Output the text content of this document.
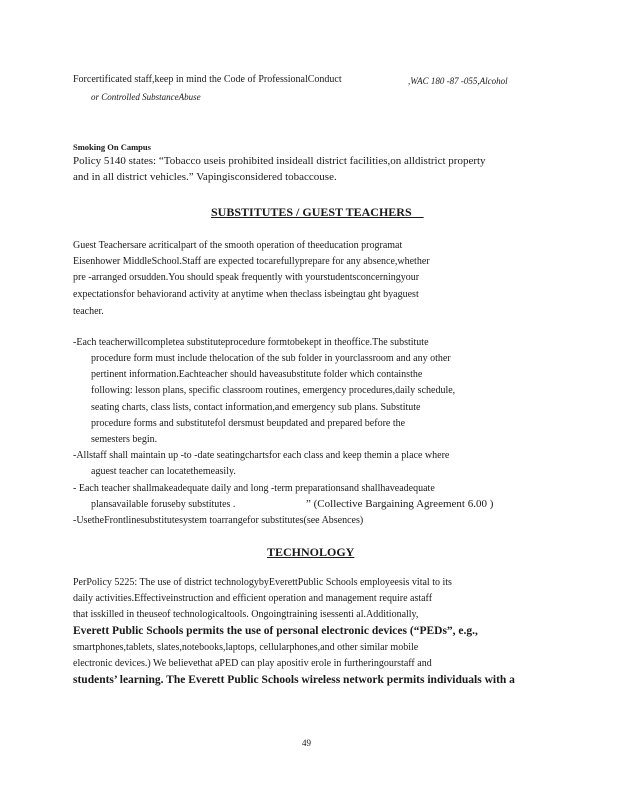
Forcertificated staff,keep in mind the Code of ProfessionalConduct	,WAC 180 -87 -055,Alcohol
or Controlled SubstanceAbuse
Smoking On Campus
Policy 5140 states: “Tobacco useis prohibited insideall district facilities,on alldistrict property
and in all district vehicles.” Vapingisconsidered tobaccouse.
SUBSTITUTES / GUEST TEACHERS
Guest Teachersare acriticalpart of the smooth operation of theeducation programat
Eisenhower MiddleSchool.Staff are expected tocarefullyprepare for any absence,whether
pre -arranged orsudden.You should speak frequently with yourstudentsconcerningyour
expectationsfor behaviorand activity at anytime when theclass isbeingtau ght byaguest
teacher.
-Each teacherwillcompletea substituteprocedure formtobekept in theoffice.The substitute
procedure form must include thelocation of the sub folder in yourclassroom and any other
pertinent information.Eachteacher should haveasubstitute folder which containsthe
following: lesson plans, specific classroom routines, emergency procedures,daily schedule,
seating charts, class lists, contact information,and emergency sub plans. Substitute
procedure forms and substitutefol dersmust beupdated and prepared before the
semesters begin.
-Allstaff shall maintain up -to -date seatingchartsfor each class and keep themin a place where
aguest teacher can locatethemeasily.
- Each teacher shallmakeadequate daily and long -term preparationsand shallhaveadequate
plansavailable foruseby substitutes .	” (Collective Bargaining Agreement 6.00 )
-UsetheFrontlinesubstitutesystem toarrangefor substitutes(see Absences)
TECHNOLOGY
PerPolicy 5225: The use of district technologybyEverettPublic Schools employeesis vital to its
daily activities.Effectiveinstruction and efficient operation and management require astaff
that isskilled in theuseof technologicaltools. Ongoingtraining isessenti al.Additionally,
Everett Public Schools permits the use of personal electronic devices (“PEDs”, e.g.,
smartphones,tablets, slates,notebooks,laptops, cellularphones,and other similar mobile
electronic devices.) We believethat aPED can play apositiv erole in furtheringourstaff and
students’ learning. The Everett Public Schools wireless network permits individuals with a
49
